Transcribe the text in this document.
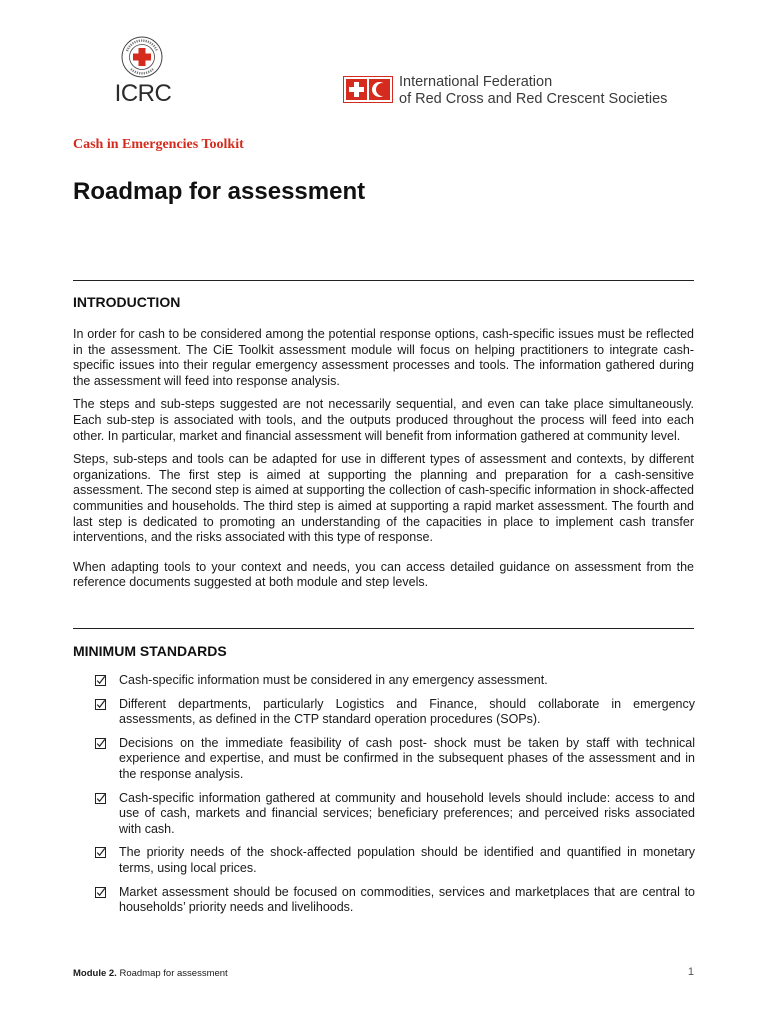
ICRC	International Federation
of Red Cross and Red Crescent Societies
Cash in Emergencies Toolkit
Roadmap for assessment
INTRODUCTION

In order for cash to be considered among the potential response options, cash-specific issues must be reflected in the assessment. The CiE Toolkit assessment module will focus on helping practitioners to integrate cash-specific issues into their regular emergency assessment processes and tools. The information gathered during the assessment will feed into response analysis.

The steps and sub-steps suggested are not necessarily sequential, and even can take place simultaneously. Each sub-step is associated with tools, and the outputs produced throughout the process will feed into each other. In particular, market and financial assessment will benefit from information gathered at community level.

Steps, sub-steps and tools can be adapted for use in different types of assessment and contexts, by different organizations. The first step is aimed at supporting the planning and preparation for a cash-sensitive assessment. The second step is aimed at supporting the collection of cash-specific information in shock-affected communities and households. The third step is aimed at supporting a rapid market assessment. The fourth and last step is dedicated to promoting an understanding of the capacities in place to implement cash transfer interventions, and the risks associated with this type of response.

When adapting tools to your context and needs, you can access detailed guidance on assessment from the reference documents suggested at both module and step levels.

MINIMUM STANDARDS
Cash-specific information must be considered in any emergency assessment.
Different departments, particularly Logistics and Finance, should collaborate in emergency assessments, as defined in the CTP standard operation procedures (SOPs).
Decisions on the immediate feasibility of cash post- shock must be taken by staff with technical experience and expertise, and must be confirmed in the subsequent phases of the assessment and in the response analysis.
Cash-specific information gathered at community and household levels should include: access to and use of cash, markets and financial services; beneficiary preferences; and perceived risks associated with cash.
The priority needs of the shock-affected population should be identified and quantified in monetary terms, using local prices.
Market assessment should be focused on commodities, services and marketplaces that are central to households’ priority needs and livelihoods.
Module 2. Roadmap for assessment	1
